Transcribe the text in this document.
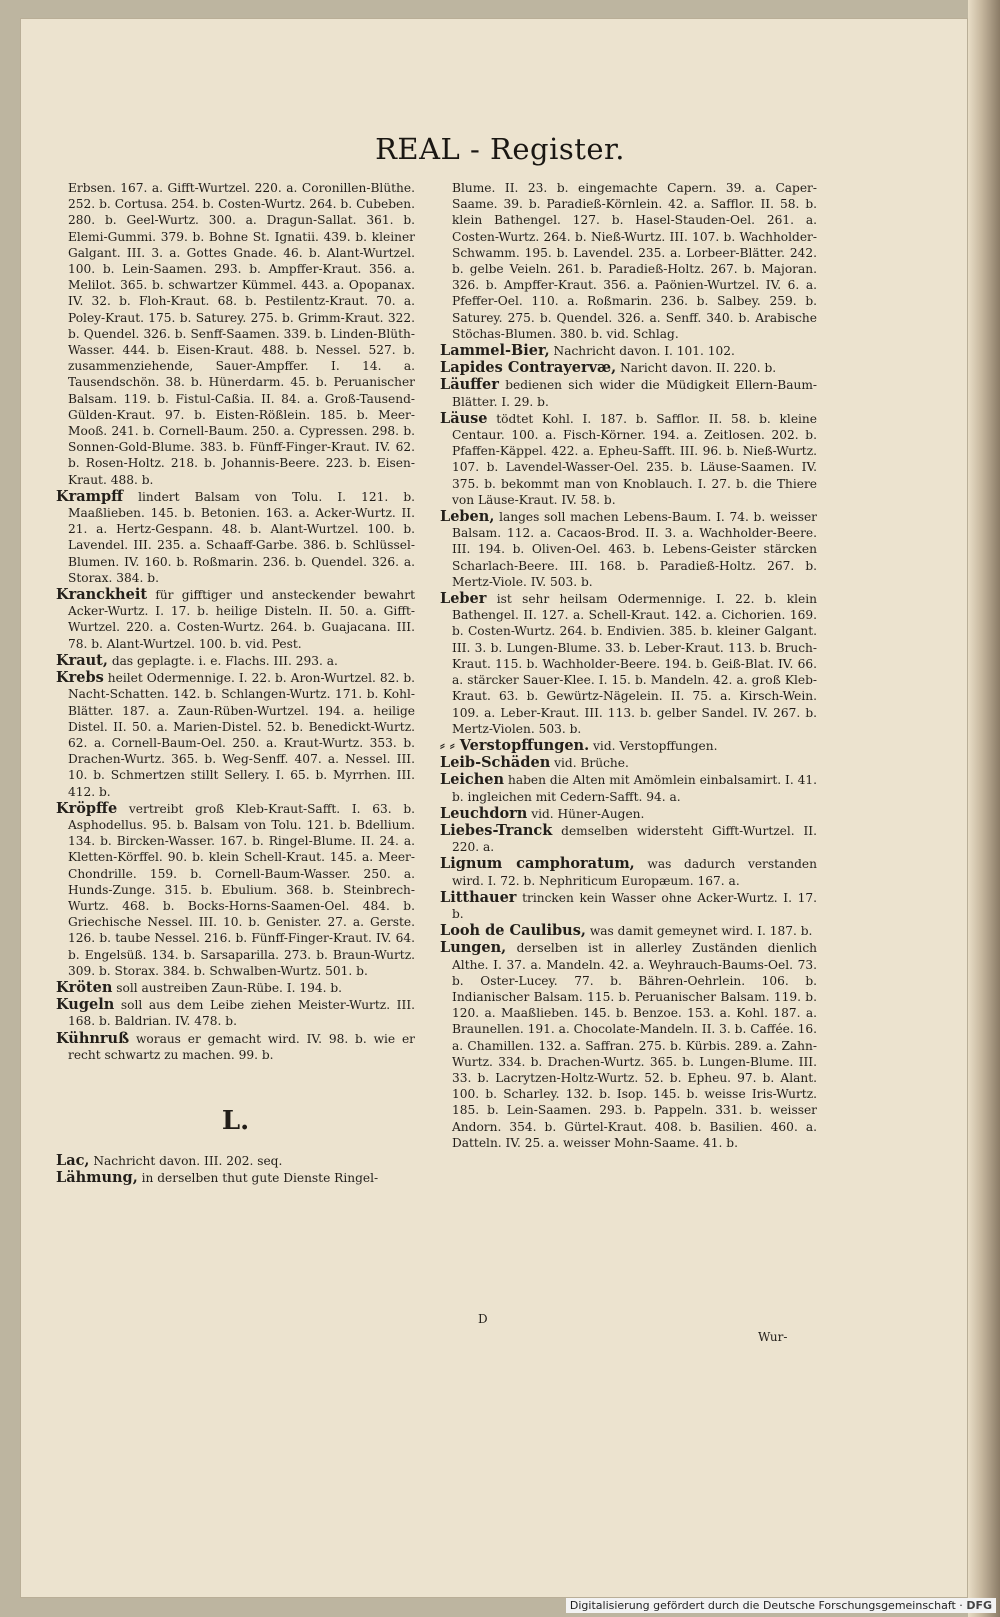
REAL - Register.
Erbsen. 167. a. Gifft-Wurtzel. 220. a. Coronillen-Blüthe. 252. b. Cortusa. 254. b. Costen-Wurtz. 264. b. Cubeben. 280. b. Geel-Wurtz. 300. a. Dragun-Sallat. 361. b. Elemi-Gummi. 379. b. Bohne St. Ignatii. 439. b. kleiner Galgant. III. 3. a. Gottes Gnade. 46. b. Alant-Wurtzel. 100. b. Lein-Saamen. 293. b. Ampffer-Kraut. 356. a. Melilot. 365. b. schwartzer Kümmel. 443. a. Opopanax. IV. 32. b. Floh-Kraut. 68. b. Pestilentz-Kraut. 70. a. Poley-Kraut. 175. b. Saturey. 275. b. Grimm-Kraut. 322. b. Quendel. 326. b. Senff-Saamen. 339. b. Linden-Blüth-Wasser. 444. b. Eisen-Kraut. 488. b. Nessel. 527. b. zusammenziehende, Sauer-Ampffer. I. 14. a. Tausendschön. 38. b. Hünerdarm. 45. b. Peruanischer Balsam. 119. b. Fistul-Caßia. II. 84. a. Groß-Tausend-Gülden-Kraut. 97. b. Eisten-Rößlein. 185. b. Meer-Mooß. 241. b. Cornell-Baum. 250. a. Cypressen. 298. b. Sonnen-Gold-Blume. 383. b. Fünff-Finger-Kraut. IV. 62. b. Rosen-Holtz. 218. b. Johannis-Beere. 223. b. Eisen-Kraut. 488. b.
Krampff lindert Balsam von Tolu. I. 121. b. Maaßlieben. 145. b. Betonien. 163. a. Acker-Wurtz. II. 21. a. Hertz-Gespann. 48. b. Alant-Wurtzel. 100. b. Lavendel. III. 235. a. Schaaff-Garbe. 386. b. Schlüssel-Blumen. IV. 160. b. Roßmarin. 236. b. Quendel. 326. a. Storax. 384. b.
Kranckheit für gifftiger und ansteckender bewahrt Acker-Wurtz. I. 17. b. heilige Disteln. II. 50. a. Gifft-Wurtzel. 220. a. Costen-Wurtz. 264. b. Guajacana. III. 78. b. Alant-Wurtzel. 100. b. vid. Pest.
Kraut, das geplagte. i. e. Flachs. III. 293. a.
Krebs heilet Odermennige. I. 22. b. Aron-Wurtzel. 82. b. Nacht-Schatten. 142. b. Schlangen-Wurtz. 171. b. Kohl-Blätter. 187. a. Zaun-Rüben-Wurtzel. 194. a. heilige Distel. II. 50. a. Marien-Distel. 52. b. Benedickt-Wurtz. 62. a. Cornell-Baum-Oel. 250. a. Kraut-Wurtz. 353. b. Drachen-Wurtz. 365. b. Weg-Senff. 407. a. Nessel. III. 10. b. Schmertzen stillt Sellery. I. 65. b. Myrrhen. III. 412. b.
Kröpffe vertreibt groß Kleb-Kraut-Safft. I. 63. b. Asphodellus. 95. b. Balsam von Tolu. 121. b. Bdellium. 134. b. Bircken-Wasser. 167. b. Ringel-Blume. II. 24. a. Kletten-Körffel. 90. b. klein Schell-Kraut. 145. a. Meer-Chondrille. 159. b. Cornell-Baum-Wasser. 250. a. Hunds-Zunge. 315. b. Ebulium. 368. b. Steinbrech-Wurtz. 468. b. Bocks-Horns-Saamen-Oel. 484. b. Griechische Nessel. III. 10. b. Genister. 27. a. Gerste. 126. b. taube Nessel. 216. b. Fünff-Finger-Kraut. IV. 64. b. Engelsüß. 134. b. Sarsaparilla. 273. b. Braun-Wurtz. 309. b. Storax. 384. b. Schwalben-Wurtz. 501. b.
Kröten soll austreiben Zaun-Rübe. I. 194. b.
Kugeln soll aus dem Leibe ziehen Meister-Wurtz. III. 168. b. Baldrian. IV. 478. b.
Kühnruß woraus er gemacht wird. IV. 98. b. wie er recht schwartz zu machen. 99. b.
L.
Lac, Nachricht davon. III. 202. seq.
Lähmung, in derselben thut gute Dienste Ringel-
Blume. II. 23. b. eingemachte Capern. 39. a. Caper-Saame. 39. b. Paradieß-Körnlein. 42. a. Safflor. II. 58. b. klein Bathengel. 127. b. Hasel-Stauden-Oel. 261. a. Costen-Wurtz. 264. b. Nieß-Wurtz. III. 107. b. Wachholder-Schwamm. 195. b. Lavendel. 235. a. Lorbeer-Blätter. 242. b. gelbe Veieln. 261. b. Paradieß-Holtz. 267. b. Majoran. 326. b. Ampffer-Kraut. 356. a. Paönien-Wurtzel. IV. 6. a. Pfeffer-Oel. 110. a. Roßmarin. 236. b. Salbey. 259. b. Saturey. 275. b. Quendel. 326. a. Senff. 340. b. Arabische Stöchas-Blumen. 380. b. vid. Schlag.
Lammel-Bier, Nachricht davon. I. 101. 102.
Lapides Contrayervæ, Naricht davon. II. 220. b.
Läuffer bedienen sich wider die Müdigkeit Ellern-Baum-Blätter. I. 29. b.
Läuse tödtet Kohl. I. 187. b. Safflor. II. 58. b. kleine Centaur. 100. a. Fisch-Körner. 194. a. Zeitlosen. 202. b. Pfaffen-Käppel. 422. a. Epheu-Safft. III. 96. b. Nieß-Wurtz. 107. b. Lavendel-Wasser-Oel. 235. b. Läuse-Saamen. IV. 375. b. bekommt man von Knoblauch. I. 27. b. die Thiere von Läuse-Kraut. IV. 58. b.
Leben, langes soll machen Lebens-Baum. I. 74. b. weisser Balsam. 112. a. Cacaos-Brod. II. 3. a. Wachholder-Beere. III. 194. b. Oliven-Oel. 463. b. Lebens-Geister stärcken Scharlach-Beere. III. 168. b. Paradieß-Holtz. 267. b. Mertz-Viole. IV. 503. b.
Leber ist sehr heilsam Odermennige. I. 22. b. klein Bathengel. II. 127. a. Schell-Kraut. 142. a. Cichorien. 169. b. Costen-Wurtz. 264. b. Endivien. 385. b. kleiner Galgant. III. 3. b. Lungen-Blume. 33. b. Leber-Kraut. 113. b. Bruch-Kraut. 115. b. Wachholder-Beere. 194. b. Geiß-Blat. IV. 66. a. stärcker Sauer-Klee. I. 15. b. Mandeln. 42. a. groß Kleb-Kraut. 63. b. Gewürtz-Nägelein. II. 75. a. Kirsch-Wein. 109. a. Leber-Kraut. III. 113. b. gelber Sandel. IV. 267. b. Mertz-Violen. 503. b.
⸗ ⸗ Verstopffungen. vid. Verstopffungen.
Leib-Schäden vid. Brüche.
Leichen haben die Alten mit Amömlein einbalsamirt. I. 41. b. ingleichen mit Cedern-Safft. 94. a.
Leuchdorn vid. Hüner-Augen.
Liebes-Tranck demselben widersteht Gifft-Wurtzel. II. 220. a.
Lignum camphoratum, was dadurch verstanden wird. I. 72. b. Nephriticum Europæum. 167. a.
Litthauer trincken kein Wasser ohne Acker-Wurtz. I. 17. b.
Looh de Caulibus, was damit gemeynet wird. I. 187. b.
Lungen, derselben ist in allerley Zuständen dienlich Althe. I. 37. a. Mandeln. 42. a. Weyhrauch-Baums-Oel. 73. b. Oster-Lucey. 77. b. Bähren-Oehrlein. 106. b. Indianischer Balsam. 115. b. Peruanischer Balsam. 119. b. 120. a. Maaßlieben. 145. b. Benzoe. 153. a. Kohl. 187. a. Braunellen. 191. a. Chocolate-Mandeln. II. 3. b. Caffée. 16. a. Chamillen. 132. a. Saffran. 275. b. Kürbis. 289. a. Zahn-Wurtz. 334. b. Drachen-Wurtz. 365. b. Lungen-Blume. III. 33. b. Lacrytzen-Holtz-Wurtz. 52. b. Epheu. 97. b. Alant. 100. b. Scharley. 132. b. Isop. 145. b. weisse Iris-Wurtz. 185. b. Lein-Saamen. 293. b. Pappeln. 331. b. weisser Andorn. 354. b. Gürtel-Kraut. 408. b. Basilien. 460. a. Datteln. IV. 25. a. weisser Mohn-Saame. 41. b.
D
Wur-
Digitalisierung gefördert durch die Deutsche Forschungsgemeinschaft · DFG
